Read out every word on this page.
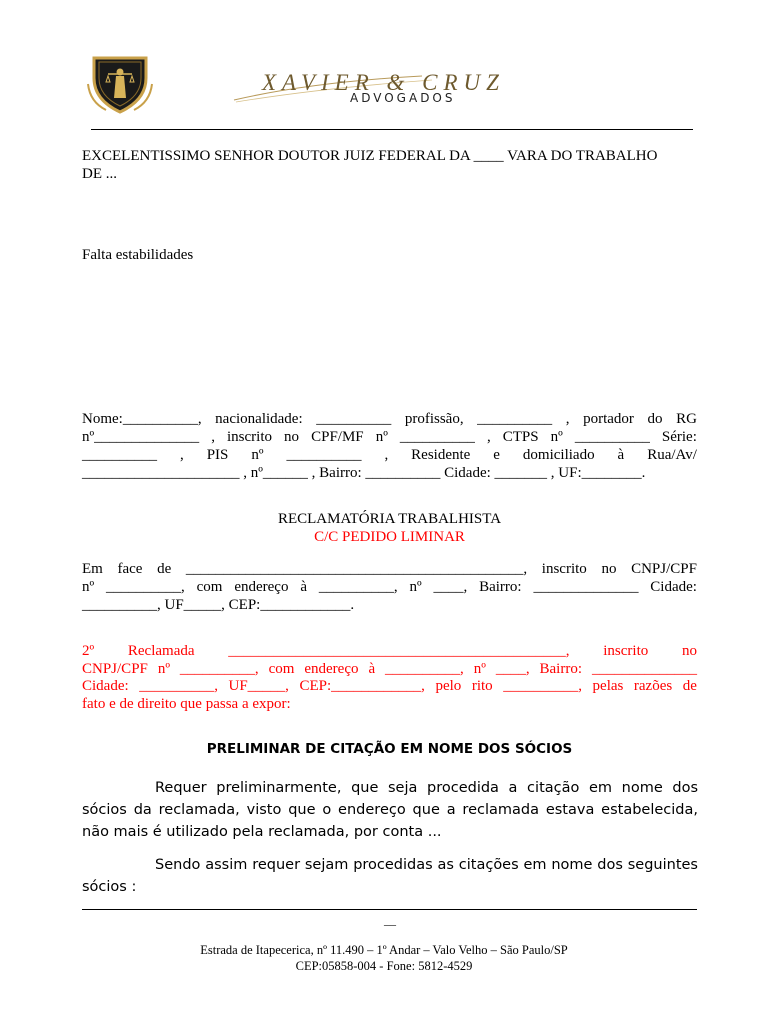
XAVIER & CRUZ
ADVOGADOS
EXCELENTISSIMO SENHOR DOUTOR JUIZ FEDERAL DA ____ VARA DO TRABALHO
DE ...
Falta estabilidades
Nome:__________, nacionalidade: __________ profissão, __________ , portador do RG
nº______________ , inscrito no CPF/MF nº __________ , CTPS nº __________ Série:
__________ , PIS nº __________ , Residente e domiciliado à Rua/Av/
_____________________ , nº______ , Bairro: __________ Cidade: _______ , UF:________.
RECLAMATÓRIA TRABALHISTA
C/C PEDIDO LIMINAR
Em face de _____________________________________________, inscrito no CNPJ/CPF
nº __________, com endereço à __________, nº ____, Bairro: ______________ Cidade:
__________, UF_____, CEP:____________.
2º Reclamada _____________________________________________, inscrito no
CNPJ/CPF nº __________, com endereço à __________, nº ____, Bairro: ______________
Cidade: __________, UF_____, CEP:____________, pelo rito __________, pelas razões de
fato e de direito que passa a expor:
PRELIMINAR DE CITAÇÃO EM NOME DOS SÓCIOS
Requer preliminarmente, que seja procedida a citação em nome dos sócios da reclamada, visto que o endereço que a reclamada estava estabelecida, não mais é utilizado pela reclamada, por conta ...
Sendo assim requer sejam procedidas as citações em nome dos seguintes sócios :
__
Estrada de Itapecerica, nº 11.490 – 1º Andar – Valo Velho – São Paulo/SP
CEP:05858-004 - Fone: 5812-4529
